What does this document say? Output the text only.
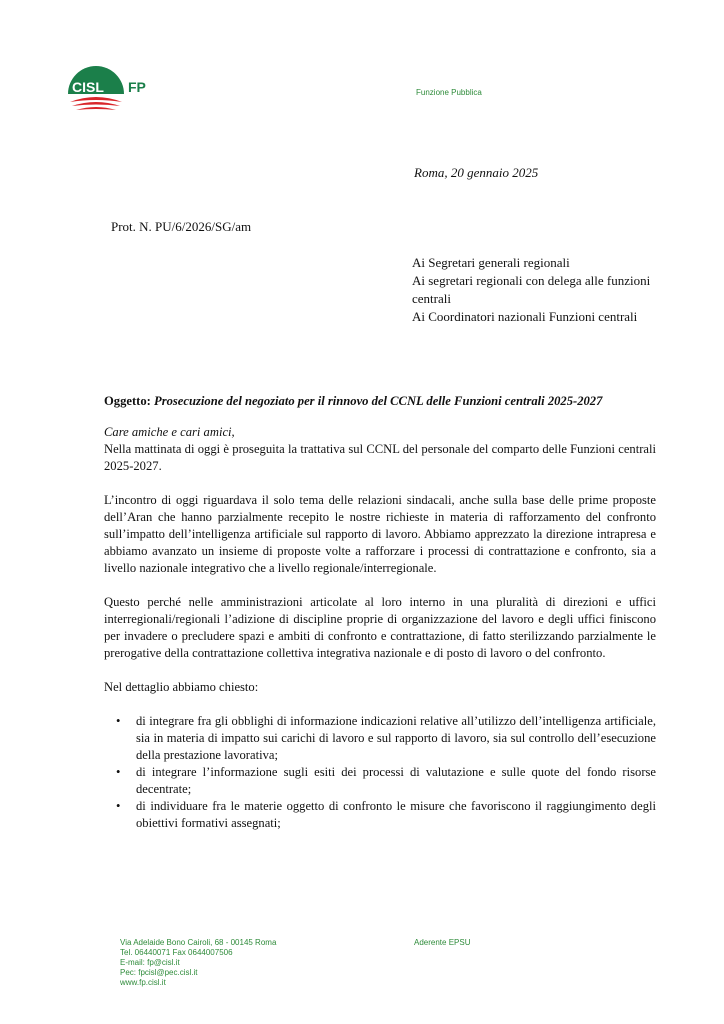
CISL FP	Funzione Pubblica
Roma, 20 gennaio 2025
Prot. N. PU/6/2026/SG/am
Ai Segretari generali regionali
Ai segretari regionali con delega alle funzioni
centrali
Ai Coordinatori nazionali Funzioni centrali
Oggetto: Prosecuzione del negoziato per il rinnovo del CCNL delle Funzioni centrali 2025-2027

Care amiche e cari amici,

Nella mattinata di oggi è proseguita la trattativa sul CCNL del personale del comparto delle Funzioni centrali 2025-2027.

L’incontro di oggi riguardava il solo tema delle relazioni sindacali, anche sulla base delle prime proposte dell’Aran che hanno parzialmente recepito le nostre richieste in materia di rafforzamento del confronto sull’impatto dell’intelligenza artificiale sul rapporto di lavoro. Abbiamo apprezzato la direzione intrapresa e abbiamo avanzato un insieme di proposte volte a rafforzare i processi di contrattazione e confronto, sia a livello nazionale integrativo che a livello regionale/interregionale.

Questo perché nelle amministrazioni articolate al loro interno in una pluralità di direzioni e uffici interregionali/regionali l’adizione di discipline proprie di organizzazione del lavoro e degli uffici finiscono per invadere o precludere spazi e ambiti di confronto e contrattazione, di fatto sterilizzando parzialmente le prerogative della contrattazione collettiva integrativa nazionale e di posto di lavoro o del confronto.

Nel dettaglio abbiamo chiesto:

• di integrare fra gli obblighi di informazione indicazioni relative all’utilizzo dell’intelligenza artificiale, sia in materia di impatto sui carichi di lavoro e sul rapporto di lavoro, sia sul controllo dell’esecuzione della prestazione lavorativa;
• di integrare l’informazione sugli esiti dei processi di valutazione e sulle quote del fondo risorse decentrate;
• di individuare fra le materie oggetto di confronto le misure che favoriscono il raggiungimento degli obiettivi formativi assegnati;
Via Adelaide Bono Cairoli, 68 - 00145 Roma
Tel. 06440071 Fax 0644007506
E-mail: fp@cisl.it
Pec: fpcisl@pec.cisl.it
www.fp.cisl.it
Aderente EPSU
